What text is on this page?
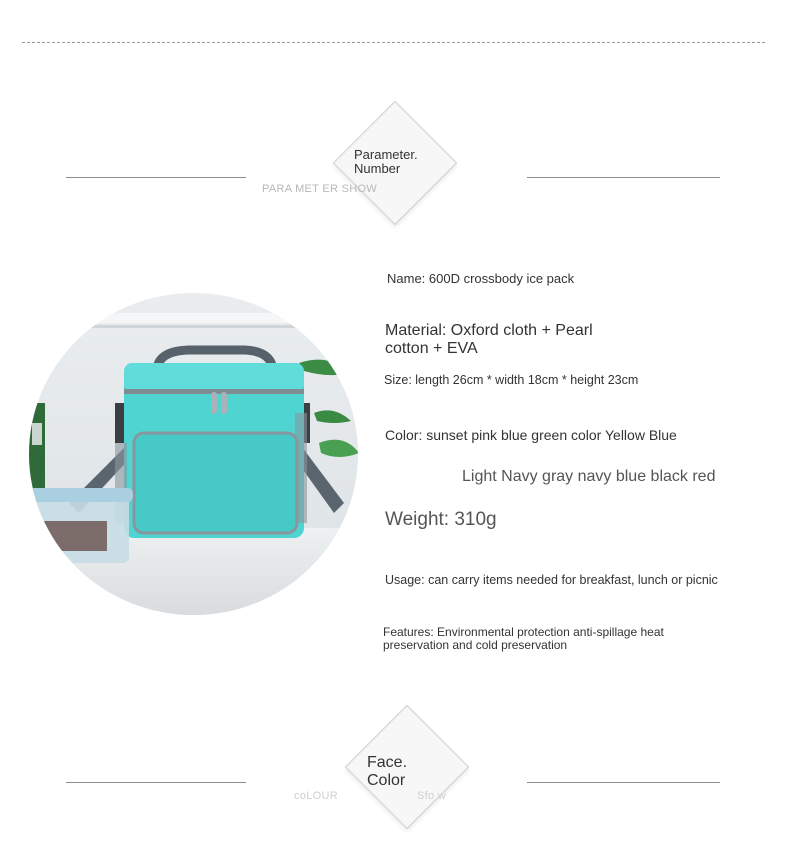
Parameter.
Number
PARA MET ER SHOW
Name: 600D crossbody ice pack
Material: Oxford cloth + Pearl
cotton + EVA
Size: length 26cm * width 18cm * height 23cm
Color: sunset pink blue green color Yellow Blue
Light Navy gray navy blue black red
Weight: 310g
Usage: can carry items needed for breakfast, lunch or picnic
Features: Environmental protection anti-spillage heat
preservation and cold preservation
Face.
Color
coLOUR	Sfo w
